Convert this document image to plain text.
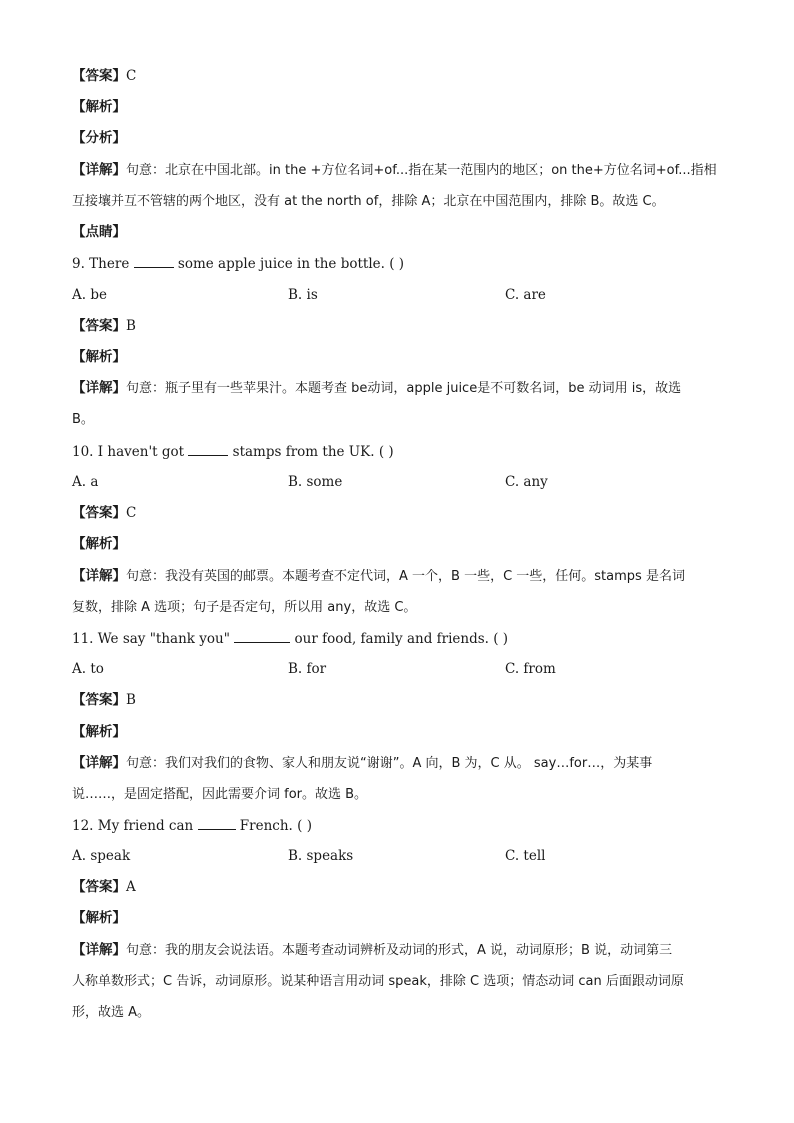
【答案】C
【解析】
【分析】
【详解】句意：北京在中国北部。in the +方位名词+of...指在某一范围内的地区；on the+方位名词+of...指相
互接壤并互不管辖的两个地区，没有 at the north of，排除 A；北京在中国范围内，排除 B。故选 C。
【点睛】
9. There	some apple juice in the bottle. ( )
A. be	B. is	C. are
【答案】B
【解析】
【详解】句意：瓶子里有一些苹果汁。本题考查 be动词，apple juice是不可数名词，be 动词用 is，故选
B。
10. I haven't got	stamps from the UK. ( )
A. a	B. some	C. any
【答案】C
【解析】
【详解】句意：我没有英国的邮票。本题考查不定代词，A 一个，B 一些，C 一些，任何。stamps 是名词
复数，排除 A 选项；句子是否定句，所以用 any，故选 C。
11. We say "thank you"	our food, family and friends. ( )
A. to	B. for	C. from
【答案】B
【解析】
【详解】句意：我们对我们的食物、家人和朋友说“谢谢”。A 向，B 为，C 从。 say…for…，为某事
说……，是固定搭配，因此需要介词 for。故选 B。
12. My friend can	French. ( )
A. speak	B. speaks	C. tell
【答案】A
【解析】
【详解】句意：我的朋友会说法语。本题考查动词辨析及动词的形式，A 说，动词原形；B 说，动词第三
人称单数形式；C 告诉，动词原形。说某种语言用动词 speak，排除 C 选项；情态动词 can 后面跟动词原
形，故选 A。
